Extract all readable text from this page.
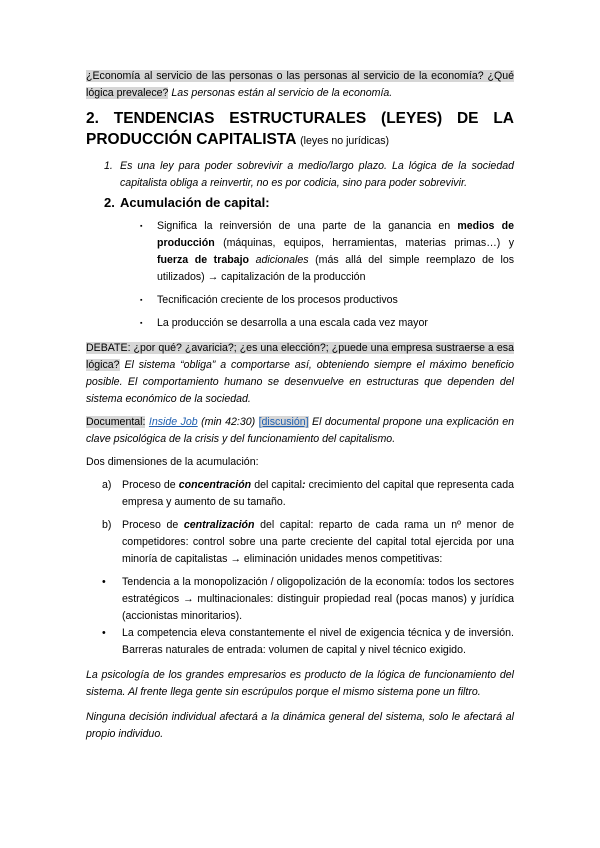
¿Economía al servicio de las personas o las personas al servicio de la economía? ¿Qué lógica prevalece? Las personas están al servicio de la economía.

2. TENDENCIAS ESTRUCTURALES (LEYES) DE LA PRODUCCIÓN CAPITALISTA (leyes no jurídicas)

1. Es una ley para poder sobrevivir a medio/largo plazo. La lógica de la sociedad capitalista obliga a reinvertir, no es por codicia, sino para poder sobrevivir.
2. Acumulación de capital:
▪	Significa la reinversión de una parte de la ganancia en medios de producción (máquinas, equipos, herramientas, materias primas…) y fuerza de trabajo adicionales (más allá del simple reemplazo de los utilizados) → capitalización de la producción
▪	Tecnificación creciente de los procesos productivos
▪	La producción se desarrolla a una escala cada vez mayor

DEBATE: ¿por qué? ¿avaricia?; ¿es una elección?; ¿puede una empresa sustraerse a esa lógica? El sistema “obliga” a comportarse así, obteniendo siempre el máximo beneficio posible. El comportamiento humano se desenvuelve en estructuras que dependen del sistema económico de la sociedad.

Documental: Inside Job (min 42:30) [discusión] El documental propone una explicación en clave psicológica de la crisis y del funcionamiento del capitalismo.

Dos dimensiones de la acumulación:

a) Proceso de concentración del capital: crecimiento del capital que representa cada empresa y aumento de su tamaño.
b) Proceso de centralización del capital: reparto de cada rama un nº menor de competidores: control sobre una parte creciente del capital total ejercida por una minoría de capitalistas → eliminación unidades menos competitivas:
•	Tendencia a la monopolización / oligopolización de la economía: todos los sectores estratégicos → multinacionales: distinguir propiedad real (pocas manos) y jurídica (accionistas minoritarios).
•	La competencia eleva constantemente el nivel de exigencia técnica y de inversión. Barreras naturales de entrada: volumen de capital y nivel técnico exigido.

La psicología de los grandes empresarios es producto de la lógica de funcionamiento del sistema. Al frente llega gente sin escrúpulos porque el mismo sistema pone un filtro.

Ninguna decisión individual afectará a la dinámica general del sistema, solo le afectará al propio individuo.
